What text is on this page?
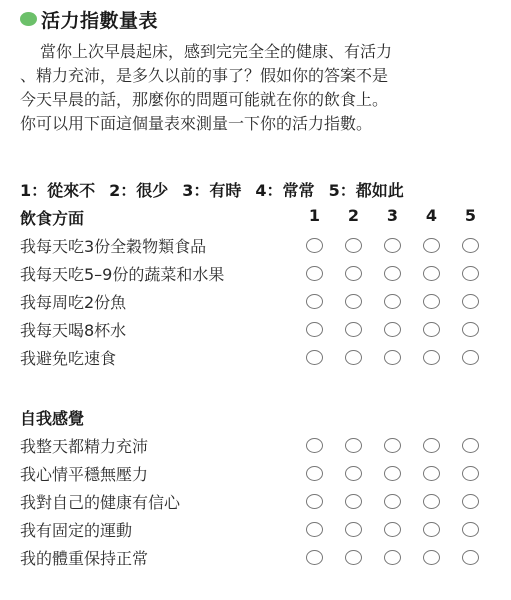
活力指數量表
當你上次早晨起床，感到完完全全的健康、有活力
、精力充沛，是多久以前的事了？假如你的答案不是
今天早晨的話，那麼你的問題可能就在你的飲食上。
你可以用下面這個量表來測量一下你的活力指數。
1：從來不 2：很少 3：有時 4：常常 5：都如此
飲食方面	1	2	3	4	5
我每天吃3份全穀物類食品
我每天吃5–9份的蔬菜和水果
我每周吃2份魚
我每天喝8杯水
我避免吃速食
自我感覺
我整天都精力充沛
我心情平穩無壓力
我對自己的健康有信心
我有固定的運動
我的體重保持正常
